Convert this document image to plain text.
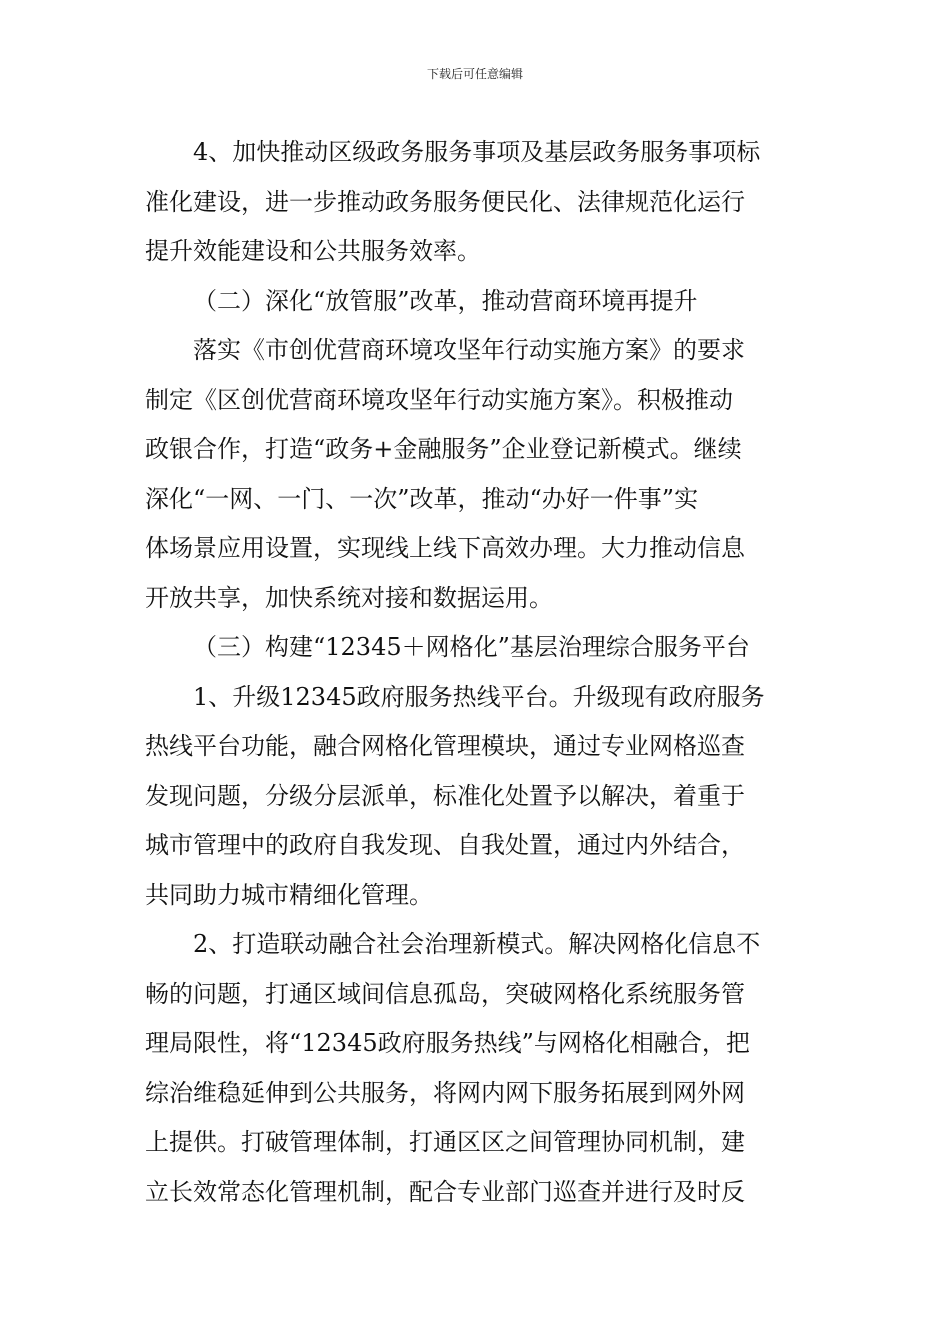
下载后可任意编辑
4、加快推动区级政务服务事项及基层政务服务事项标
准化建设，进一步推动政务服务便民化、法律规范化运行
提升效能建设和公共服务效率。
（二）深化“放管服”改革，推动营商环境再提升
落实《市创优营商环境攻坚年行动实施方案》的要求
制定《区创优营商环境攻坚年行动实施方案》。积极推动
政银合作，打造“政务+金融服务”企业登记新模式。继续
深化“一网、一门、一次”改革，推动“办好一件事”实
体场景应用设置，实现线上线下高效办理。大力推动信息
开放共享，加快系统对接和数据运用。
（三）构建“12345＋网格化”基层治理综合服务平台
1、升级12345政府服务热线平台。升级现有政府服务
热线平台功能，融合网格化管理模块，通过专业网格巡查
发现问题，分级分层派单，标准化处置予以解决，着重于
城市管理中的政府自我发现、自我处置，通过内外结合，
共同助力城市精细化管理。
2、打造联动融合社会治理新模式。解决网格化信息不
畅的问题，打通区域间信息孤岛，突破网格化系统服务管
理局限性，将“12345政府服务热线”与网格化相融合，把
综治维稳延伸到公共服务，将网内网下服务拓展到网外网
上提供。打破管理体制，打通区区之间管理协同机制，建
立长效常态化管理机制，配合专业部门巡查并进行及时反
